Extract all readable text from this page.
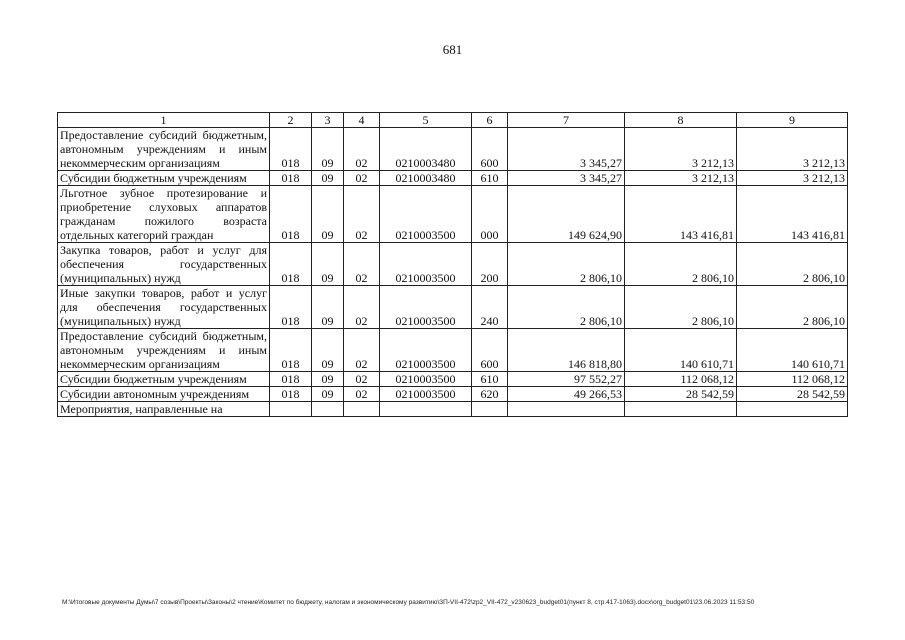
681
1	2	3	4	5	6	7	8	9
Предоставление субсидий бюджетным, автономным учреждениям и иным некоммерческим организациям	018	09	02	0210003480	600	3 345,27	3 212,13	3 212,13
Субсидии бюджетным учреждениям	018	09	02	0210003480	610	3 345,27	3 212,13	3 212,13
Льготное зубное протезирование и приобретение слуховых аппаратов гражданам пожилого возраста отдельных категорий граждан	018	09	02	0210003500	000	149 624,90	143 416,81	143 416,81
Закупка товаров, работ и услуг для обеспечения государственных (муниципальных) нужд	018	09	02	0210003500	200	2 806,10	2 806,10	2 806,10
Иные закупки товаров, работ и услуг для обеспечения государственных (муниципальных) нужд	018	09	02	0210003500	240	2 806,10	2 806,10	2 806,10
Предоставление субсидий бюджетным, автономным учреждениям и иным некоммерческим организациям	018	09	02	0210003500	600	146 818,80	140 610,71	140 610,71
Субсидии бюджетным учреждениям	018	09	02	0210003500	610	97 552,27	112 068,12	112 068,12
Субсидии автономным учреждениям	018	09	02	0210003500	620	49 266,53	28 542,59	28 542,59
Мероприятия, направленные на								
M:\Итоговые документы Думы\7 созыв\Проекты\Законы\2 чтение\Комитет по бюджету, налогам и экономическому развитию\ЗП-VII-472\zp2_VII-472_v230623_budget01(пункт 8, стр.417-1063).docx\org_budget01\23.06.2023 11:53:50
